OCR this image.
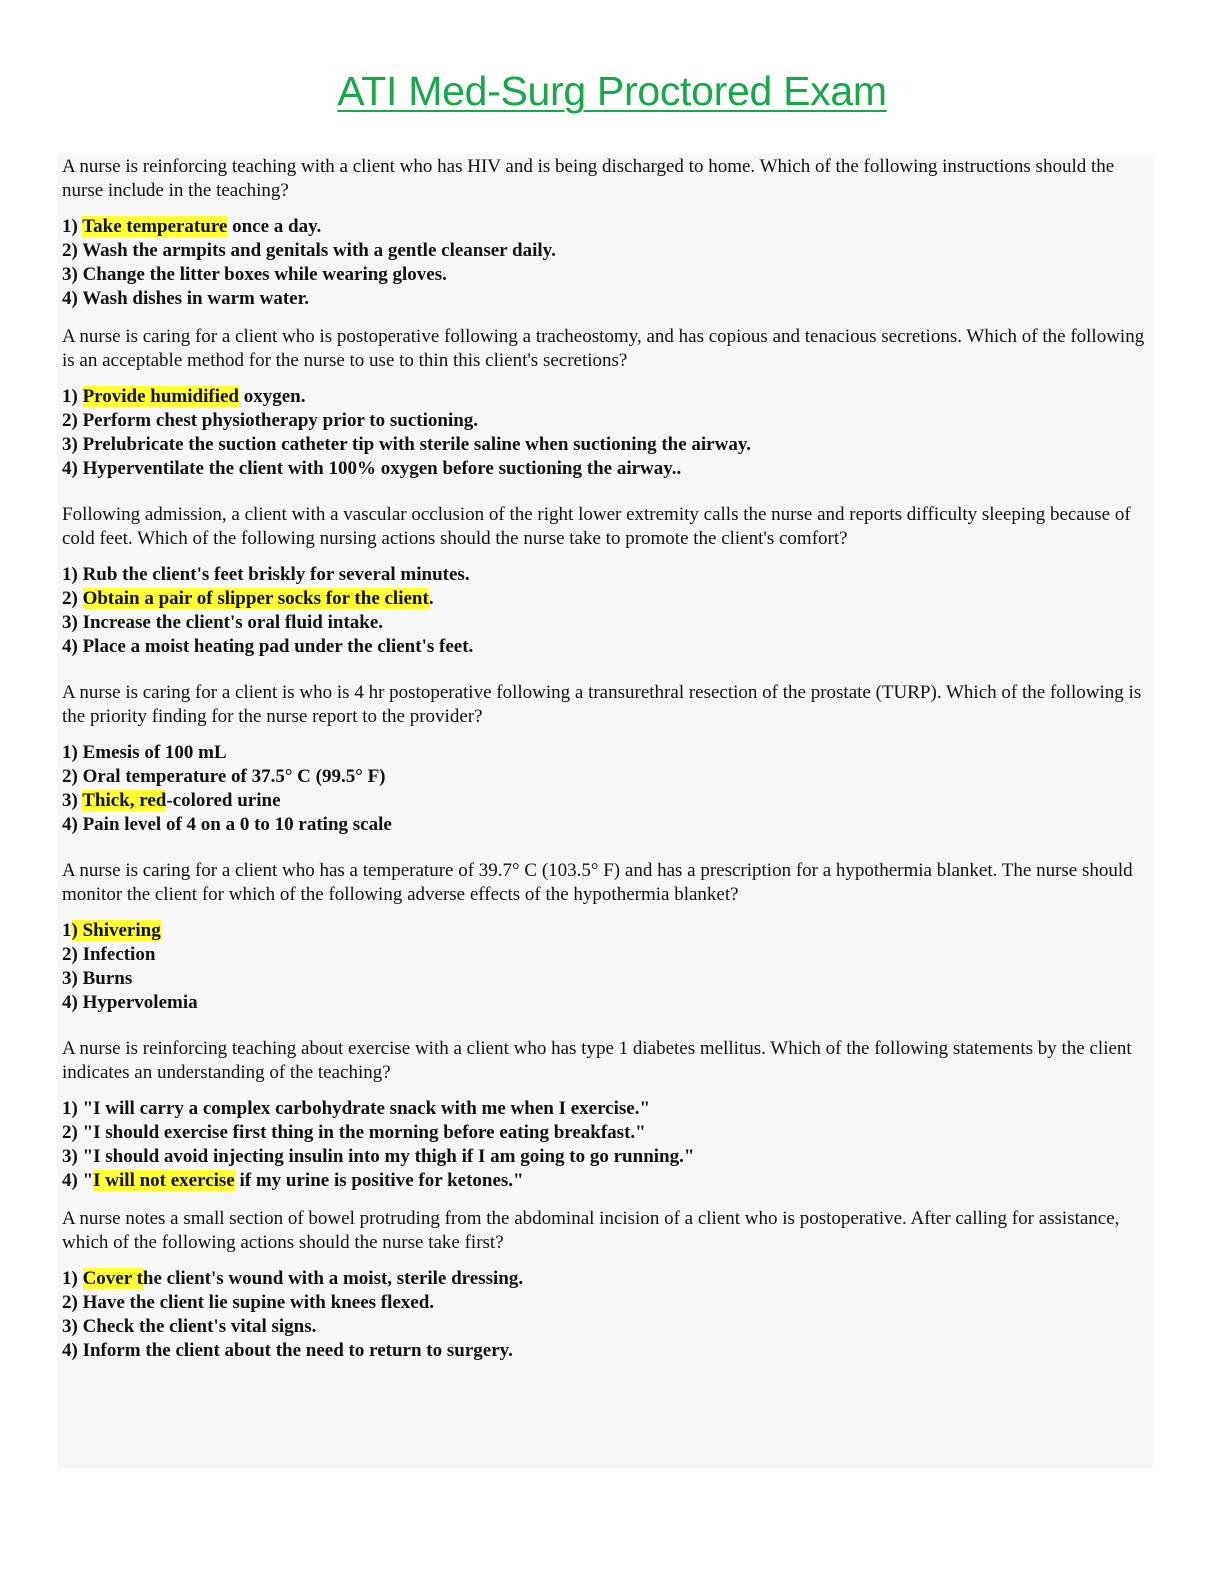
ATI Med-Surg Proctored Exam

A nurse is reinforcing teaching with a client who has HIV and is being discharged to home. Which of the following instructions should the nurse include in the teaching?

1) Take temperature once a day.
2) Wash the armpits and genitals with a gentle cleanser daily.
3) Change the litter boxes while wearing gloves.
4) Wash dishes in warm water.

A nurse is caring for a client who is postoperative following a tracheostomy, and has copious and tenacious secretions. Which of the following is an acceptable method for the nurse to use to thin this client's secretions?

1) Provide humidified oxygen.
2) Perform chest physiotherapy prior to suctioning.
3) Prelubricate the suction catheter tip with sterile saline when suctioning the airway.
4) Hyperventilate the client with 100% oxygen before suctioning the airway..

Following admission, a client with a vascular occlusion of the right lower extremity calls the nurse and reports difficulty sleeping because of cold feet. Which of the following nursing actions should the nurse take to promote the client's comfort?

1) Rub the client's feet briskly for several minutes.
2) Obtain a pair of slipper socks for the client.
3) Increase the client's oral fluid intake.
4) Place a moist heating pad under the client's feet.

A nurse is caring for a client is who is 4 hr postoperative following a transurethral resection of the prostate (TURP). Which of the following is the priority finding for the nurse report to the provider?

1) Emesis of 100 mL
2) Oral temperature of 37.5° C (99.5° F)
3) Thick, red-colored urine
4) Pain level of 4 on a 0 to 10 rating scale

A nurse is caring for a client who has a temperature of 39.7° C (103.5° F) and has a prescription for a hypothermia blanket. The nurse should monitor the client for which of the following adverse effects of the hypothermia blanket?

1) Shivering
2) Infection
3) Burns
4) Hypervolemia

A nurse is reinforcing teaching about exercise with a client who has type 1 diabetes mellitus. Which of the following statements by the client indicates an understanding of the teaching?

1) "I will carry a complex carbohydrate snack with me when I exercise."
2) "I should exercise first thing in the morning before eating breakfast."
3) "I should avoid injecting insulin into my thigh if I am going to go running."
4) "I will not exercise if my urine is positive for ketones."

A nurse notes a small section of bowel protruding from the abdominal incision of a client who is postoperative. After calling for assistance, which of the following actions should the nurse take first?

1) Cover the client's wound with a moist, sterile dressing.
2) Have the client lie supine with knees flexed.
3) Check the client's vital signs.
4) Inform the client about the need to return to surgery.
